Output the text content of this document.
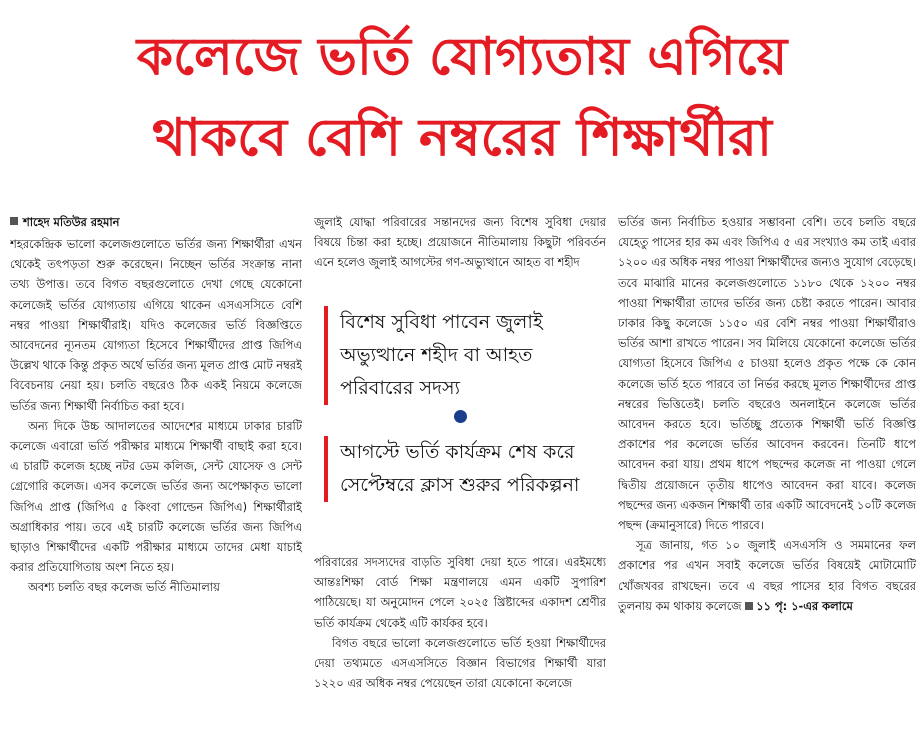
কলেজে ভর্তি যোগ্যতায় এগিয়ে
থাকবে বেশি নম্বরের শিক্ষার্থীরা
শাহেদ মতিউর রহমান

শহরকেন্দ্রিক ভালো কলেজগুলোতে ভর্তির জন্য শিক্ষার্থীরা এখন থেকেই তৎপড়তা শুরু করেছেন। নিচ্ছেন ভর্তির সংক্রান্ত নানা তথ্য উপাত্ত। তবে বিগত বছরগুলোতে দেখা গেছে যেকোনো কলেজেই ভর্তির যোগ্যতায় এগিয়ে থাকেন এসএসসিতে বেশি নম্বর পাওয়া শিক্ষার্থীরাই। যদিও কলেজের ভর্তি বিজ্ঞপ্তিতে আবেদনের ন্যূনতম যোগ্যতা হিসেবে শিক্ষার্থীদের প্রাপ্ত জিপিএ উল্লেখ থাকে কিন্তু প্রকৃত অর্থে ভর্তির জন্য মূলত প্রাপ্ত মোট নম্বরই বিবেচনায় নেয়া হয়। চলতি বছরেও ঠিক একই নিয়মে কলেজে ভর্তির জন্য শিক্ষার্থী নির্বাচিত করা হবে।

অন্য দিকে উচ্চ আদালতের আদেশের মাধ্যমে ঢাকার চারটি কলেজে এবারো ভর্তি পরীক্ষার মাধ্যমে শিক্ষার্থী বাছাই করা হবে। এ চারটি কলেজ হচ্ছে নটর ডেম কলিজ, সেন্ট যোসেফ ও সেন্ট গ্রেগোরি কলেজ। এসব কলেজে ভর্তির জন্য অপেক্ষাকৃত ভালো জিপিএ প্রাপ্ত (জিপিএ ৫ কিংবা গোল্ডেন জিপিএ) শিক্ষার্থীরাই অগ্রাধিকার পায়। তবে এই চারটি কলেজে ভর্তির জন্য জিপিএ ছাড়াও শিক্ষার্থীদের একটি পরীক্ষার মাধ্যমে তাদের মেধা যাচাই করার প্রতিযোগিতায় অংশ নিতে হয়।

অবশ্য চলতি বছর কলেজ ভর্তি নীতিমালায়

জুলাই যোদ্ধা পরিবারের সন্তানদের জন্য বিশেষ সুবিধা দেয়ার বিষয়ে চিন্তা করা হচ্ছে। প্রয়োজনে নীতিমালায় কিছুটা পরিবর্তন এনে হলেও জুলাই আগস্টের গণ-অভ্যুত্থানে আহত বা শহীদ

বিশেষ সুবিধা পাবেন জুলাই অভ্যুত্থানে শহীদ বা আহত পরিবারের সদস্য
আগস্টে ভর্তি কার্যক্রম শেষ করে সেপ্টেম্বরে ক্লাস শুরুর পরিকল্পনা

পরিবারের সদস্যদের বাড়তি সুবিধা দেয়া হতে পারে। এরইমধ্যে আন্তঃশিক্ষা বোর্ড শিক্ষা মন্ত্রণালয়ে এমন একটি সুপারিশ পাঠিয়েছে। যা অনুমোদন পেলে ২০২৫ খ্রিষ্টাব্দের একাদশ শ্রেণীর ভর্তি কার্যক্রম থেকেই এটি কার্যকর হবে।

বিগত বছরে ভালো কলেজগুলোতে ভর্তি হওয়া শিক্ষার্থীদের দেয়া তথ্যমতে এসএসসিতে বিজ্ঞান বিভাগের শিক্ষার্থী যারা ১২২০ এর অধিক নম্বর পেয়েছেন তারা যেকোনো কলেজে

ভর্তির জন্য নির্বাচিত হওয়ার সম্ভাবনা বেশি। তবে চলতি বছরে যেহেতু পাসের হার কম এবং জিপিএ ৫ এর সংখ্যাও কম তাই এবার ১২০০ এর অধিক নম্বর পাওয়া শিক্ষার্থীদের জন্যও সুযোগ বেড়েছে। তবে মাঝারি মানের কলেজগুলোতে ১১৮০ থেকে ১২০০ নম্বর পাওয়া শিক্ষার্থীরা তাদের ভর্তির জন্য চেষ্টা করতে পারেন। আবার ঢাকার কিছু কলেজে ১১৫০ এর বেশি নম্বর পাওয়া শিক্ষার্থীরাও ভর্তির আশা রাখতে পারেন। সব মিলিয়ে যেকোনো কলেজে ভর্তির যোগ্যতা হিসেবে জিপিএ ৫ চাওয়া হলেও প্রকৃত পক্ষে কে কোন কলেজে ভর্তি হতে পারবে তা নির্ভর করছে মূলত শিক্ষার্থীদের প্রাপ্ত নম্বরের ভিত্তিতেই। চলতি বছরেও অনলাইনে কলেজে ভর্তির আবেদন করতে হবে। ভর্তিচ্ছু প্রত্যেক শিক্ষার্থী ভর্তি বিজ্ঞপ্তি প্রকাশের পর কলেজে ভর্তির আবেদন করবেন। তিনটি ধাপে আবেদন করা যায়। প্রথম ধাপে পছন্দের কলেজ না পাওয়া গেলে দ্বিতীয় প্রয়োজনে তৃতীয় ধাপেও আবেদন করা যাবে। কলেজ পছন্দের জন্য একজন শিক্ষার্থী তার একটি আবেদনেই ১০টি কলেজ পছন্দ (ক্রমানুসারে) দিতে পারবে।

সূত্র জানায়, গত ১০ জুলাই এসএসসি ও সমমানের ফল প্রকাশের পর এখন সবাই কলেজে ভর্তির বিষয়েই মোটামোটি খোঁজখবর রাখছেন। তবে এ বছর পাসের হার বিগত বছরের তুলনায় কম থাকায় কলেজে ১১ পৃ: ১-এর কলামে
